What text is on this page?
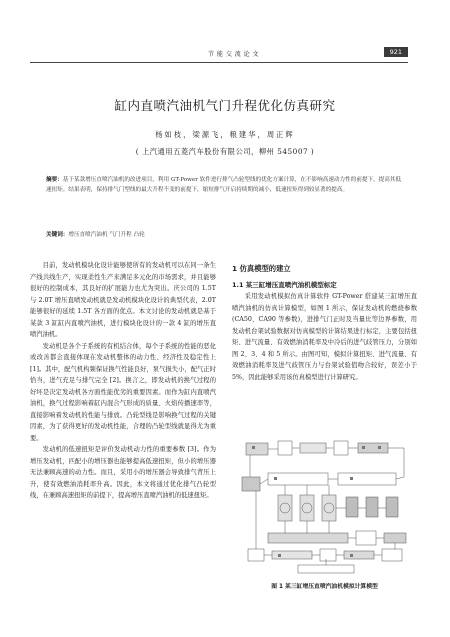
节 能 交 流 论 文	921
缸内直喷汽油机气门升程优化仿真研究
杨如枝，梁源飞，粮建华，周正辉
( 上汽通用五菱汽车股份有限公司，柳州 545007 )
摘要：基于某款增压直喷汽油机的改进项目，利用 GT-Power 软件进行排气凸轮型线的优化方案计算，在不影响高速动力性的前提下，提高其低速扭矩。结果表明，保持排气门型线的最大升程不变的前提下，缩短排气开启持续期的减小，低速扭矩得到较显著的提高。
关键词：增压直喷汽油机 气门升程 凸轮

目前，发动机模块化设计能够使所有的发动机可以在同一条生产线共线生产，实现柔性生产来满足多元化的市场需求，并且能够很好的控制成本，其良好的扩展能力也尤为突出。庆公司的 1.5T 与 2.0T 增压直喷发动机就是发动机模块化设计的典型代表，2.0T 能够很好的延续 1.5T 各方面的优点。本文讨论的发动机就是基于某款 3 缸缸内直喷汽油机，进行模块化设计的一款 4 缸的增压直喷汽油机。

发动机是各个子系统的有机结合体，每个子系统的性能的恶化或改善都会直接体现在发动机整体的动力性、经济性及稳定性上 [1]。其中，配气机构频保证换气性能良好，泵气损失小，配气正时恰当，进气充足与排气完全 [2]。换言之，即发动机的换气过程的好坏是决定发动机各方面性能优劣的重要因素。而作为缸内直喷汽油机，换气过程影响着缸内混合气形成的质量、火焰传播速率等，直接影响着发动机的性能与排放。凸轮型线是影响换气过程的关键因素，为了获得更好的发动机性能，合理的凸轮型线就显得尤为重要。

发动机的低速扭矩是评价发动机动力性的重要参数 [3]。作为增压发动机，匹配小的增压器也能够提高低速扭矩，但小的增压器无法兼顾高速的动力性。而且，采用小的增压器会导致排气背压上升，使有效燃油消耗率升高。因此，本文将通过优化排气凸轮型线，在兼顾高速扭矩的前提下，提高增压直喷汽油机的低速扭矩。

1 仿真模型的建立

1.1 某三缸增压直喷汽油机模型标定

采用发动机模拟仿真计算软件 GT-Power 搭建某三缸增压直喷汽油机的仿真计算模型，如图 1 所示，保证发动机的燃烧参数(CA50、CA90 等参数)，进排气门正时及当量比等边界参数，用发动机台架试验数据对仿真模型的计算结果进行标定，主要包括扭矩、进气流量、有效燃油消耗率及中冷后的进气歧管压力，分别如图 2、3、4 和 5 所示。由图可知，模拟计算扭矩、进气流量、有效燃油消耗率及进气歧管压力与台架试验值吻合较好，误差小于 5%，因此能够采用该仿真模型进行计算研究。

图 1 某三缸增压直喷汽油机模拟计算模型
